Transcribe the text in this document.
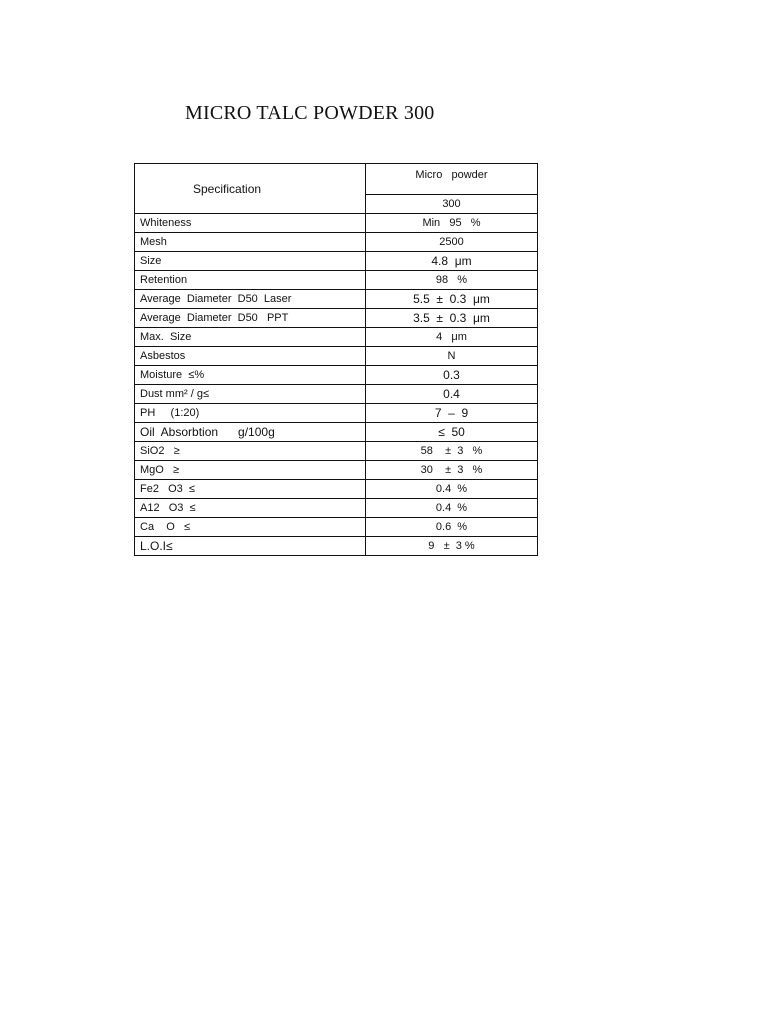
MICRO TALC POWDER 300
Specification	Micro   powder
	300
Whiteness	Min   95   %
Mesh	2500
Size	4.8  μm
Retention	98   %
Average  Diameter  D50  Laser	5.5  ±  0.3  μm
Average  Diameter  D50   PPT	3.5  ±  0.3  μm
Max.  Size	4   μm
Asbestos	N
Moisture  ≤%	0.3
Dust mm² / g≤	0.4
PH     (1:20)	7  –  9
Oil  Absorbtion      g/100g	≤  50
SiO2   ≥	58    ±  3   %
MgO   ≥	30    ±  3   %
Fe2   O3  ≤	0.4  %
A12   O3  ≤	0.4  %
Ca    O   ≤	0.6  %
L.O.I≤	9   ±  3 %
